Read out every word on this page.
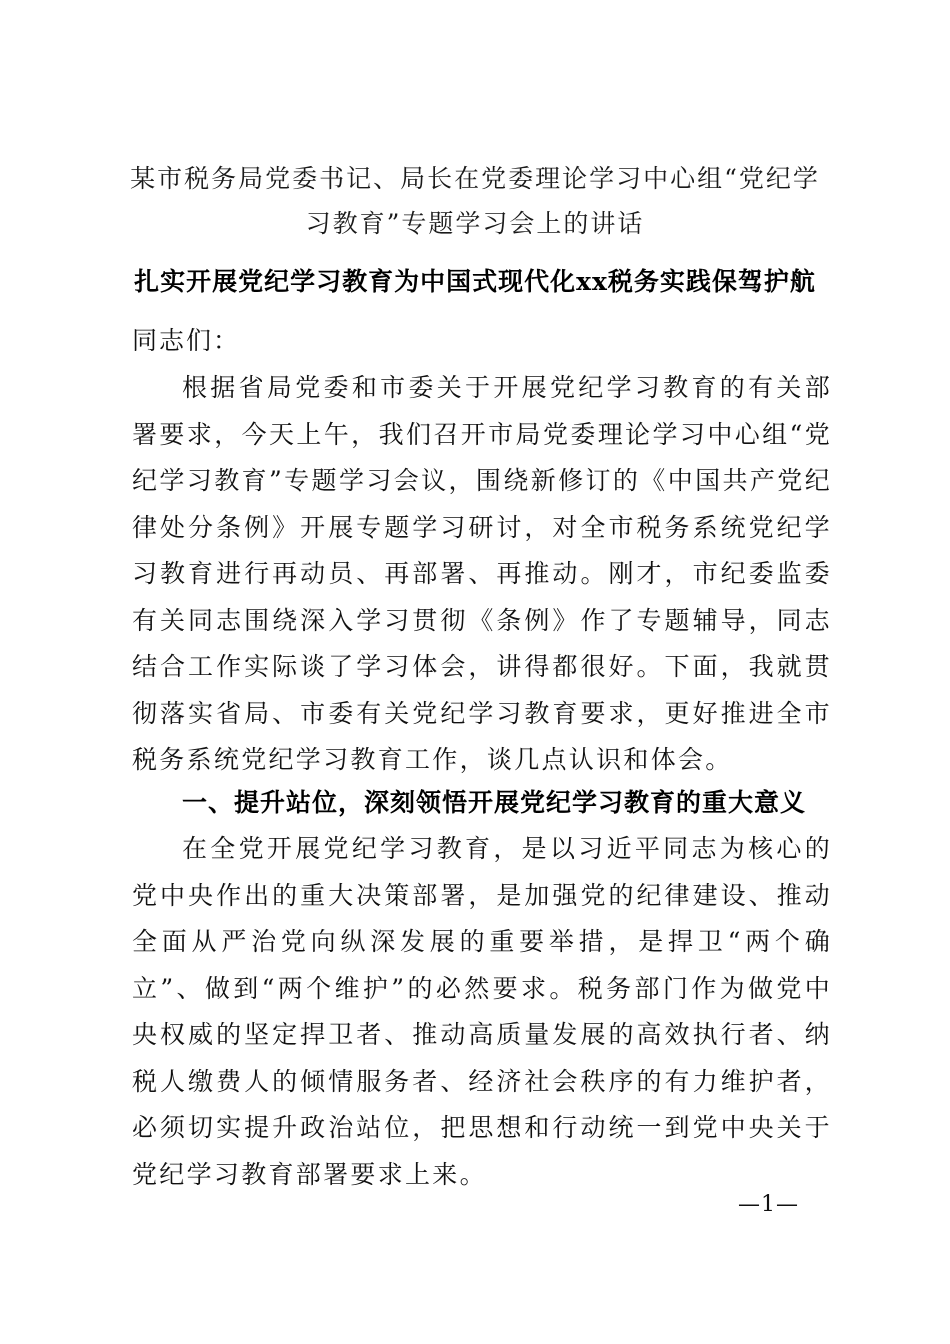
某市税务局党委书记、局长在党委理论学习中心组“党纪学习教育”专题学习会上的讲话
扎实开展党纪学习教育为中国式现代化xx税务实践保驾护航
同志们：

根据省局党委和市委关于开展党纪学习教育的有关部署要求，今天上午，我们召开市局党委理论学习中心组“党纪学习教育”专题学习会议，围绕新修订的《中国共产党纪律处分条例》开展专题学习研讨，对全市税务系统党纪学习教育进行再动员、再部署、再推动。刚才，市纪委监委有关同志围绕深入学习贯彻《条例》作了专题辅导，同志结合工作实际谈了学习体会，讲得都很好。下面，我就贯彻落实省局、市委有关党纪学习教育要求，更好推进全市税务系统党纪学习教育工作，谈几点认识和体会。

一、提升站位，深刻领悟开展党纪学习教育的重大意义

在全党开展党纪学习教育，是以习近平同志为核心的党中央作出的重大决策部署，是加强党的纪律建设、推动全面从严治党向纵深发展的重要举措，是捍卫“两个确立”、做到“两个维护”的必然要求。税务部门作为做党中央权威的坚定捍卫者、推动高质量发展的高效执行者、纳税人缴费人的倾情服务者、经济社会秩序的有力维护者，必须切实提升政治站位，把思想和行动统一到党中央关于党纪学习教育部署要求上来。

—1—
